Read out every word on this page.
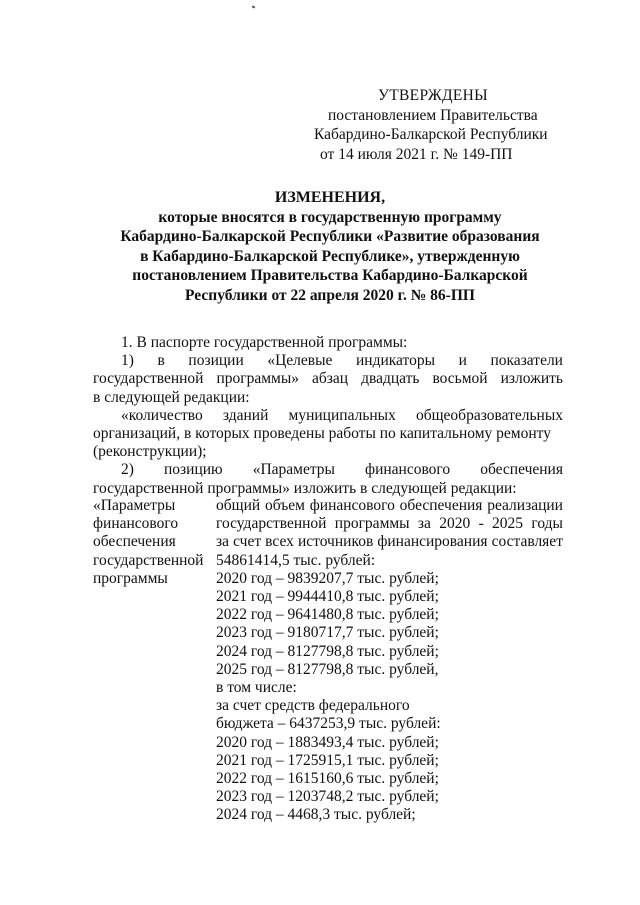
УТВЕРЖДЕНЫ
постановлением Правительства
Кабардино-Балкарской Республики
от 14 июля 2021 г. № 149-ПП
ИЗМЕНЕНИЯ,
которые вносятся в государственную программу
Кабардино-Балкарской Республики «Развитие образования
в Кабардино-Балкарской Республике», утвержденную
постановлением Правительства Кабардино-Балкарской
Республики от 22 апреля 2020 г. № 86-ПП
1. В паспорте государственной программы:
1) в позиции «Целевые индикаторы и показатели
государственной программы» абзац двадцать восьмой изложить
в следующей редакции:
«количество зданий муниципальных общеобразовательных
организаций, в которых проведены работы по капитальному ремонту
(реконструкции);
2) позицию «Параметры финансового обеспечения
государственной программы» изложить в следующей редакции:
«Параметры
финансового
обеспечения
государственной
программы
общий объем финансового обеспечения реализации
государственной программы за 2020 - 2025 годы
за счет всех источников финансирования составляет
54861414,5 тыс. рублей:
2020 год – 9839207,7 тыс. рублей;
2021 год – 9944410,8 тыс. рублей;
2022 год – 9641480,8 тыс. рублей;
2023 год – 9180717,7 тыс. рублей;
2024 год – 8127798,8 тыс. рублей;
2025 год – 8127798,8 тыс. рублей,
в том числе:
за счет средств федерального
бюджета – 6437253,9 тыс. рублей:
2020 год – 1883493,4 тыс. рублей;
2021 год – 1725915,1 тыс. рублей;
2022 год – 1615160,6 тыс. рублей;
2023 год – 1203748,2 тыс. рублей;
2024 год – 4468,3 тыс. рублей;
